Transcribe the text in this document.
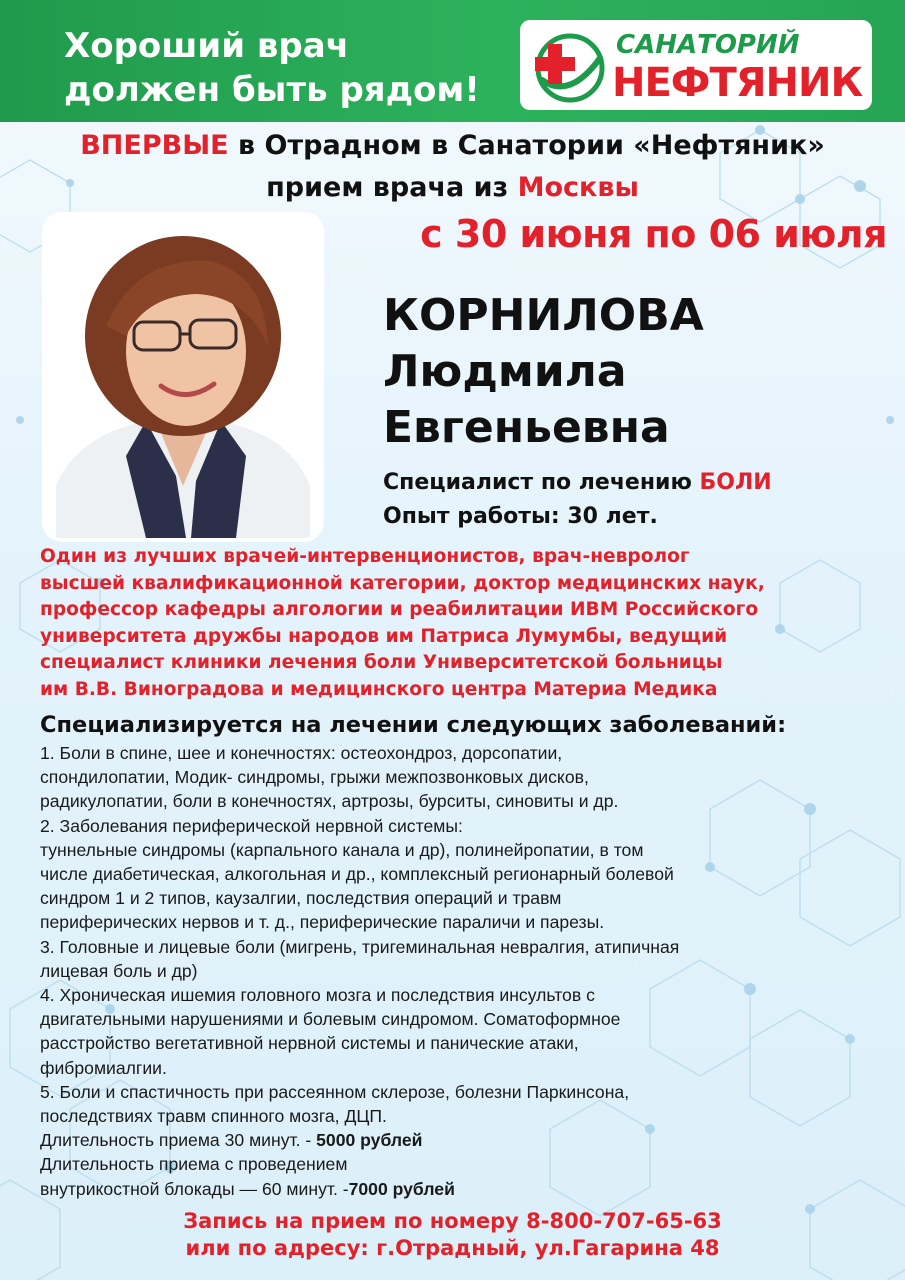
Хороший врач
должен быть рядом!
САНАТОРИЙ
НЕФТЯНИК
ВПЕРВЫЕ в Отрадном в Санатории «Нефтяник»
прием врача из Москвы
с 30 июня по 06 июля
КОРНИЛОВА
Людмила
Евгеньевна
Специалист по лечению БОЛИ
Опыт работы: 30 лет.
Один из лучших врачей-интервенционистов, врач-невролог
высшей квалификационной категории, доктор медицинских наук,
профессор кафедры алгологии и реабилитации ИВМ Российского
университета дружбы народов им Патриса Лумумбы, ведущий
специалист клиники лечения боли Университетской больницы
им В.В. Виноградова и медицинского центра Материа Медика
Специализируется на лечении следующих заболеваний:

1. Боли в спине, шее и конечностях: остеохондроз, дорсопатии,
спондилопатии, Модик- синдромы, грыжи межпозвонковых дисков,
радикулопатии, боли в конечностях, артрозы, бурситы, синовиты и др.

2. Заболевания периферической нервной системы:
туннельные синдромы (карпального канала и др), полинейропатии, в том
числе диабетическая, алкогольная и др., комплексный регионарный болевой
синдром 1 и 2 типов, каузалгии, последствия операций и травм
периферических нервов и т. д., периферические параличи и парезы.

3. Головные и лицевые боли (мигрень, тригеминальная невралгия, атипичная
лицевая боль и др)

4. Хроническая ишемия головного мозга и последствия инсультов с
двигательными нарушениями и болевым синдромом. Соматоформное
расстройство вегетативной нервной системы и панические атаки,
фибромиалгии.

5. Боли и спастичность при рассеянном склерозе, болезни Паркинсона,
последствиях травм спинного мозга, ДЦП.

Длительность приема 30 минут. - 5000 рублей
Длительность приема с проведением
внутрикостной блокады — 60 минут. -7000 рублей
Запись на прием по номеру 8-800-707-65-63
или по адресу: г.Отрадный, ул.Гагарина 48
